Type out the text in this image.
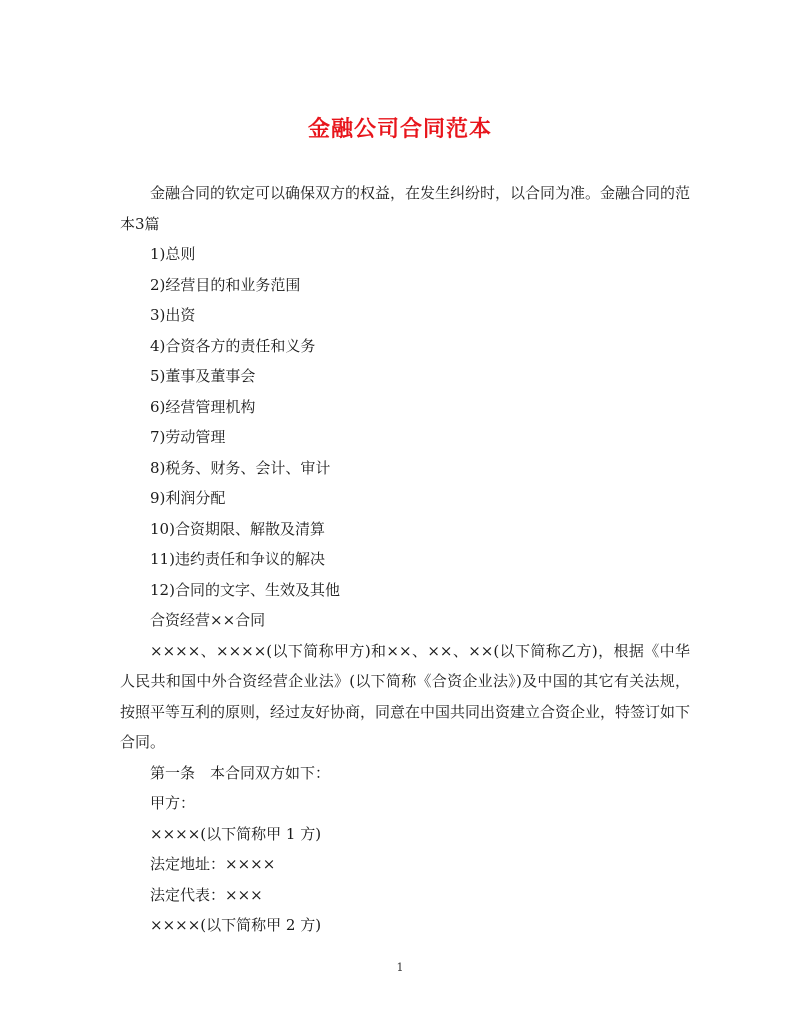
金融公司合同范本

金融合同的钦定可以确保双方的权益，在发生纠纷时，以合同为准。金融合同的范本3篇

1)总则

2)经营目的和业务范围

3)出资

4)合资各方的责任和义务

5)董事及董事会

6)经营管理机构

7)劳动管理

8)税务、财务、会计、审计

9)利润分配

10)合资期限、解散及清算

11)违约责任和争议的解决

12)合同的文字、生效及其他

合资经营××合同

××××、××××(以下简称甲方)和××、××、××(以下简称乙方)，根据《中华人民共和国中外合资经营企业法》(以下简称《合资企业法》)及中国的其它有关法规，按照平等互利的原则，经过友好协商，同意在中国共同出资建立合资企业，特签订如下合同。

第一条　本合同双方如下：

甲方：

××××(以下简称甲 1 方)

法定地址：××××

法定代表：×××

××××(以下简称甲 2 方)

1
